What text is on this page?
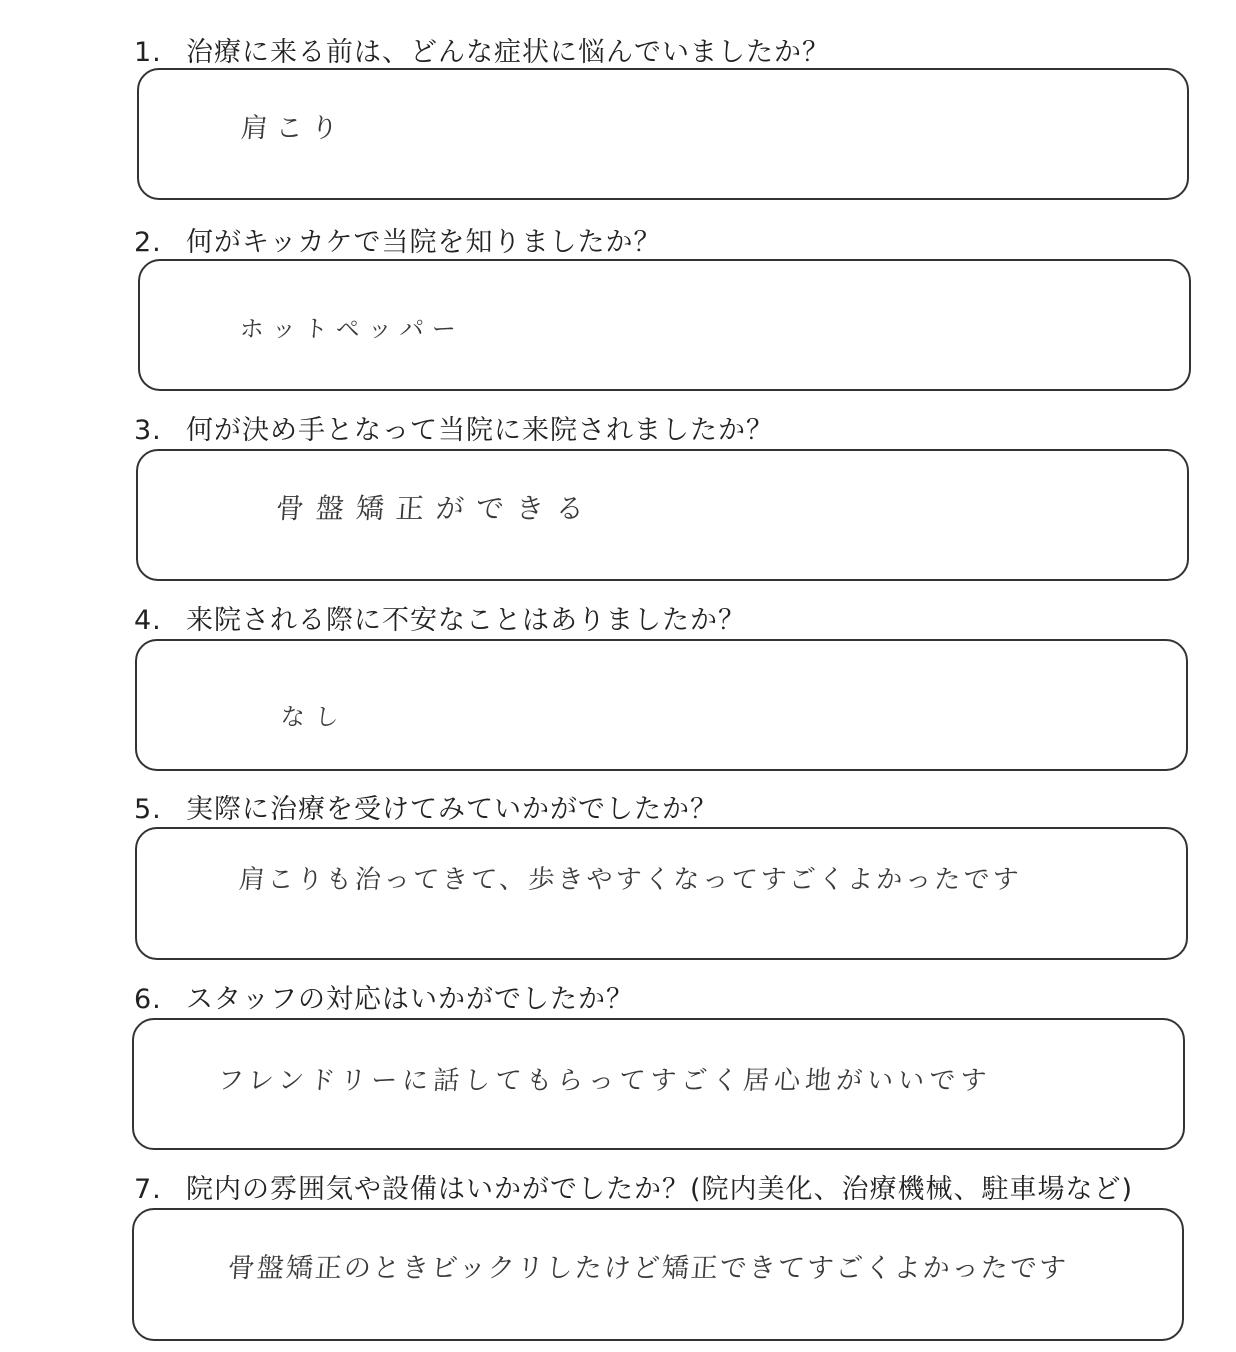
1. 治療に来る前は、どんな症状に悩んでいましたか？
肩こり
2. 何がキッカケで当院を知りましたか？
ホットペッパー
3. 何が決め手となって当院に来院されましたか？
骨盤矯正ができる
4. 来院される際に不安なことはありましたか？
なし
5. 実際に治療を受けてみていかがでしたか？
肩こりも治ってきて、歩きやすくなってすごくよかったです
6. スタッフの対応はいかがでしたか？
フレンドリーに話してもらってすごく居心地がいいです
7. 院内の雰囲気や設備はいかがでしたか？(院内美化、治療機械、駐車場など)
骨盤矯正のときビックリしたけど矯正できてすごくよかったです
